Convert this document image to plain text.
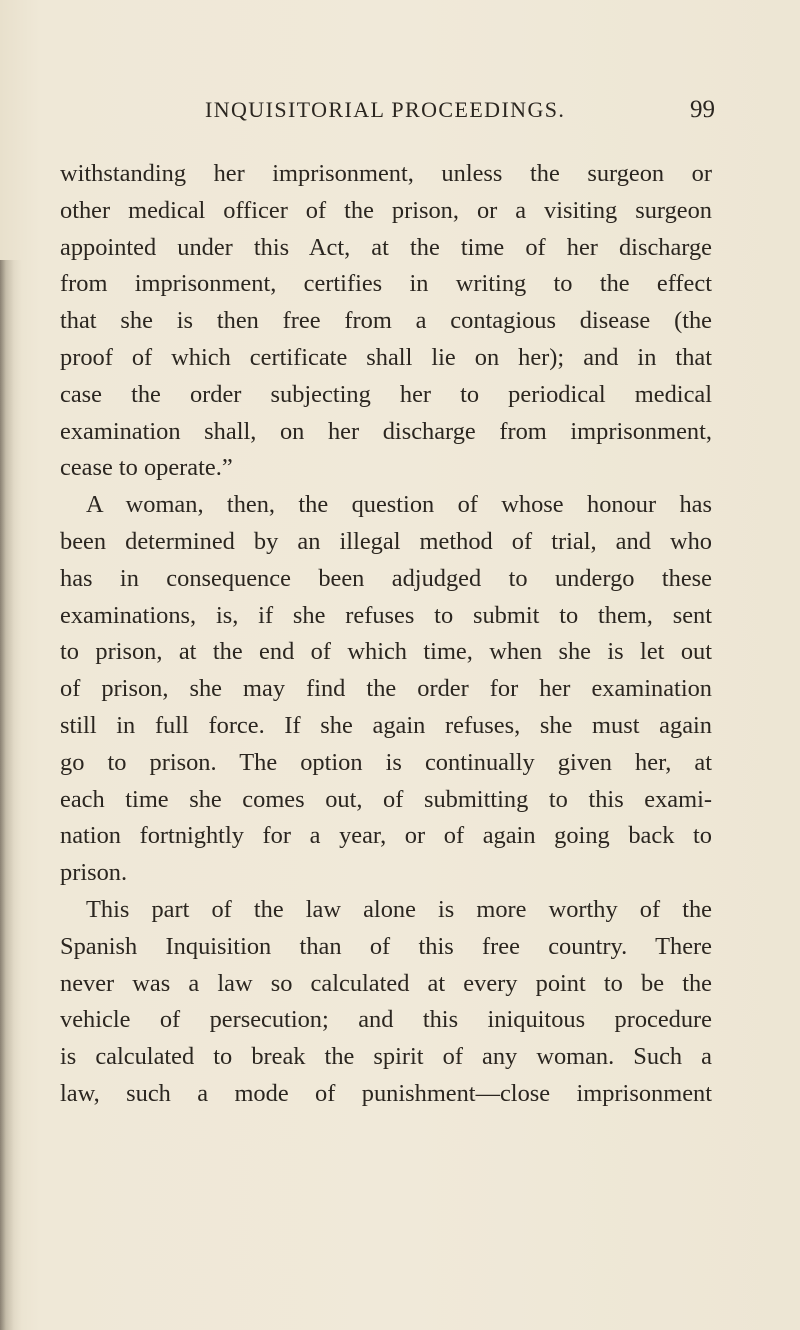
INQUISITORIAL PROCEEDINGS.	99
withstanding her imprisonment, unless the surgeon or
other medical officer of the prison, or a visiting surgeon
appointed under this Act, at the time of her discharge
from imprisonment, certifies in writing to the effect
that she is then free from a contagious disease (the
proof of which certificate shall lie on her); and in that
case the order subjecting her to periodical medical
examination shall, on her discharge from imprisonment,
cease to operate.”
A woman, then, the question of whose honour has
been determined by an illegal method of trial, and who
has in consequence been adjudged to undergo these
examinations, is, if she refuses to submit to them, sent
to prison, at the end of which time, when she is let out
of prison, she may find the order for her examination
still in full force. If she again refuses, she must again
go to prison. The option is continually given her, at
each time she comes out, of submitting to this exami-
nation fortnightly for a year, or of again going back to
prison.
This part of the law alone is more worthy of the
Spanish Inquisition than of this free country. There
never was a law so calculated at every point to be the
vehicle of persecution; and this iniquitous procedure
is calculated to break the spirit of any woman. Such a
law, such a mode of punishment—close imprisonment
